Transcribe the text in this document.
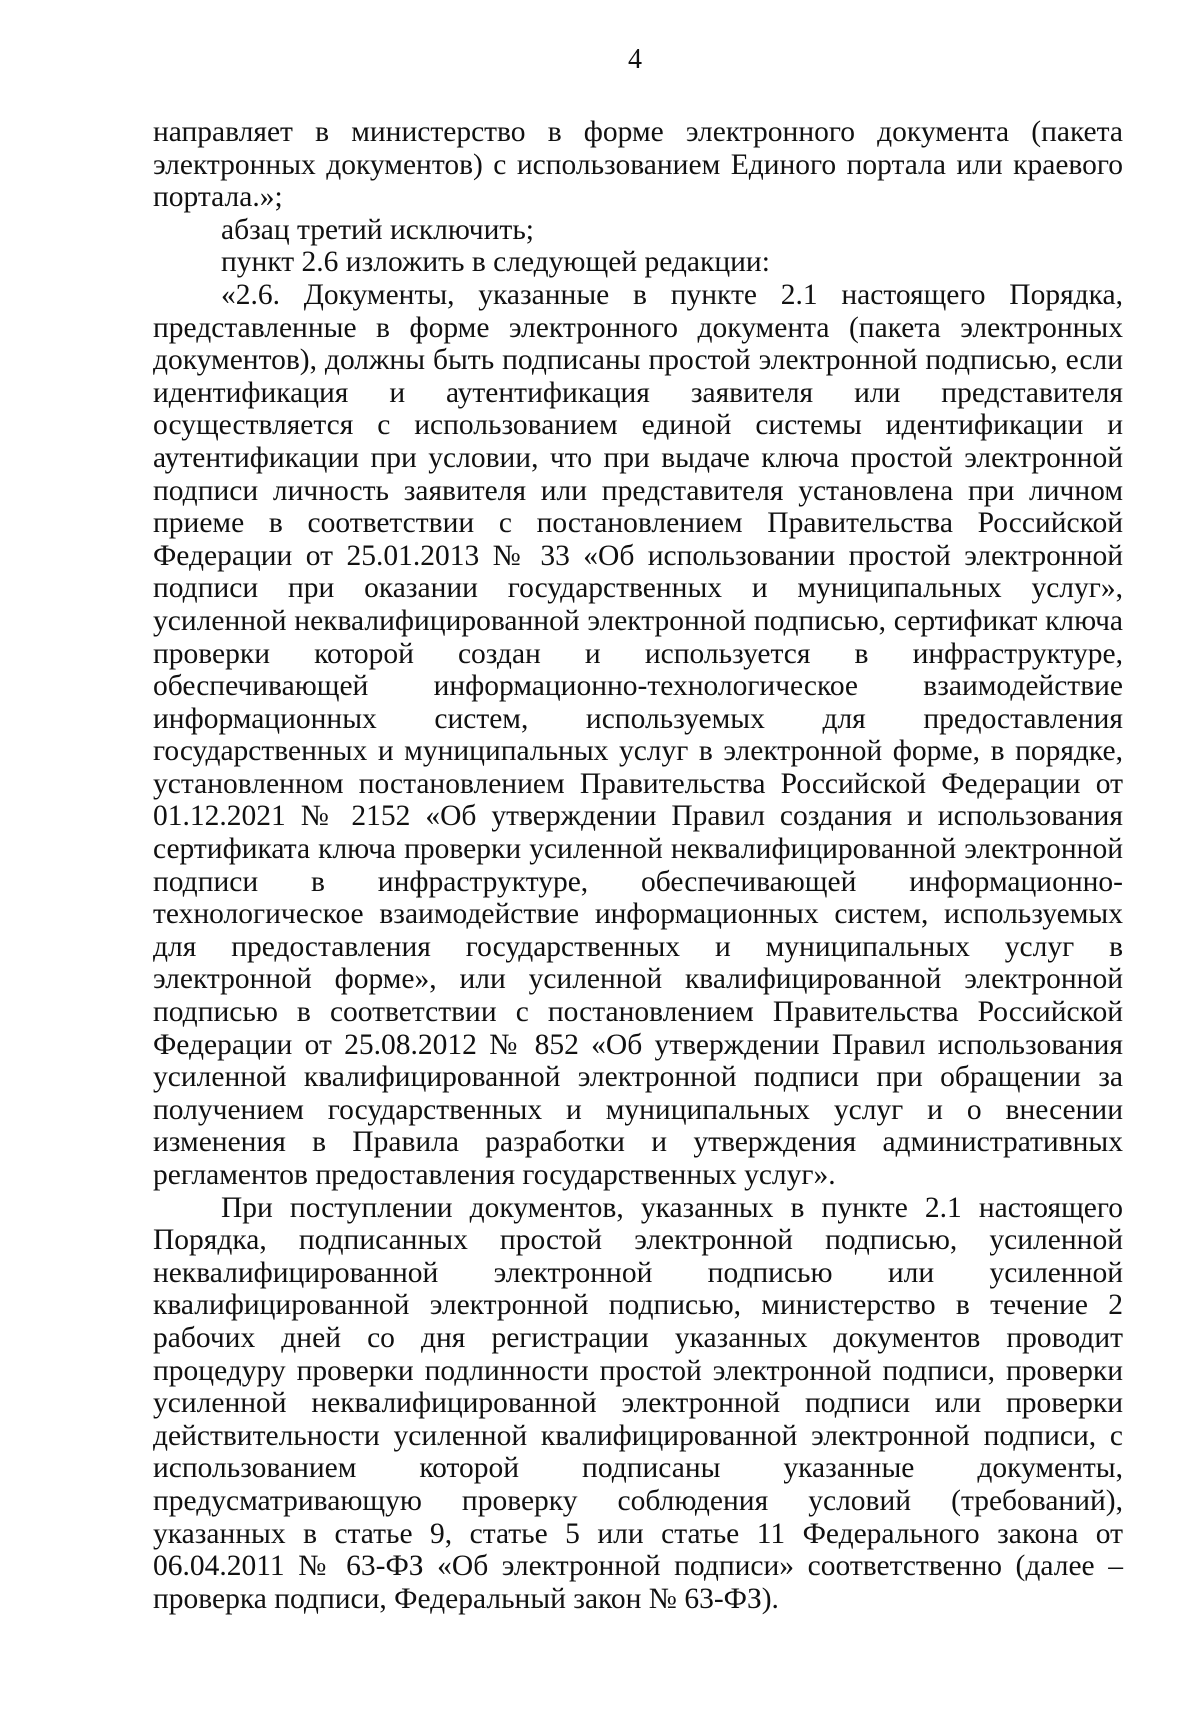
4

направляет в министерство в форме электронного документа (пакета электронных документов) с использованием Единого портала или краевого портала.»;

абзац третий исключить;

пункт 2.6 изложить в следующей редакции:

«2.6. Документы, указанные в пункте 2.1 настоящего Порядка, представленные в форме электронного документа (пакета электронных документов), должны быть подписаны простой электронной подписью, если идентификация и аутентификация заявителя или представителя осуществляется с использованием единой системы идентификации и аутентификации при условии, что при выдаче ключа простой электронной подписи личность заявителя или представителя установлена при личном приеме в соответствии с постановлением Правительства Российской Федерации от 25.01.2013 № 33 «Об использовании простой электронной подписи при оказании государственных и муниципальных услуг», усиленной неквалифицированной электронной подписью, сертификат ключа проверки которой создан и используется в инфраструктуре, обеспечивающей информационно-технологическое взаимодействие информационных систем, используемых для предоставления государственных и муниципальных услуг в электронной форме, в порядке, установленном постановлением Правительства Российской Федерации от 01.12.2021 № 2152 «Об утверждении Правил создания и использования сертификата ключа проверки усиленной неквалифицированной электронной подписи в инфраструктуре, обеспечивающей информационно-технологическое взаимодействие информационных систем, используемых для предоставления государственных и муниципальных услуг в электронной форме», или усиленной квалифицированной электронной подписью в соответствии с постановлением Правительства Российской Федерации от 25.08.2012 № 852 «Об утверждении Правил использования усиленной квалифицированной электронной подписи при обращении за получением государственных и муниципальных услуг и о внесении изменения в Правила разработки и утверждения административных регламентов предоставления государственных услуг».

При поступлении документов, указанных в пункте 2.1 настоящего Порядка, подписанных простой электронной подписью, усиленной неквалифицированной электронной подписью или усиленной квалифицированной электронной подписью, министерство в течение 2 рабочих дней со дня регистрации указанных документов проводит процедуру проверки подлинности простой электронной подписи, проверки усиленной неквалифицированной электронной подписи или проверки действительности усиленной квалифицированной электронной подписи, с использованием которой подписаны указанные документы, предусматривающую проверку соблюдения условий (требований), указанных в статье 9, статье 5 или статье 11 Федерального закона от 06.04.2011 № 63-ФЗ «Об электронной подписи» соответственно (далее – проверка подписи, Федеральный закон № 63-ФЗ).
